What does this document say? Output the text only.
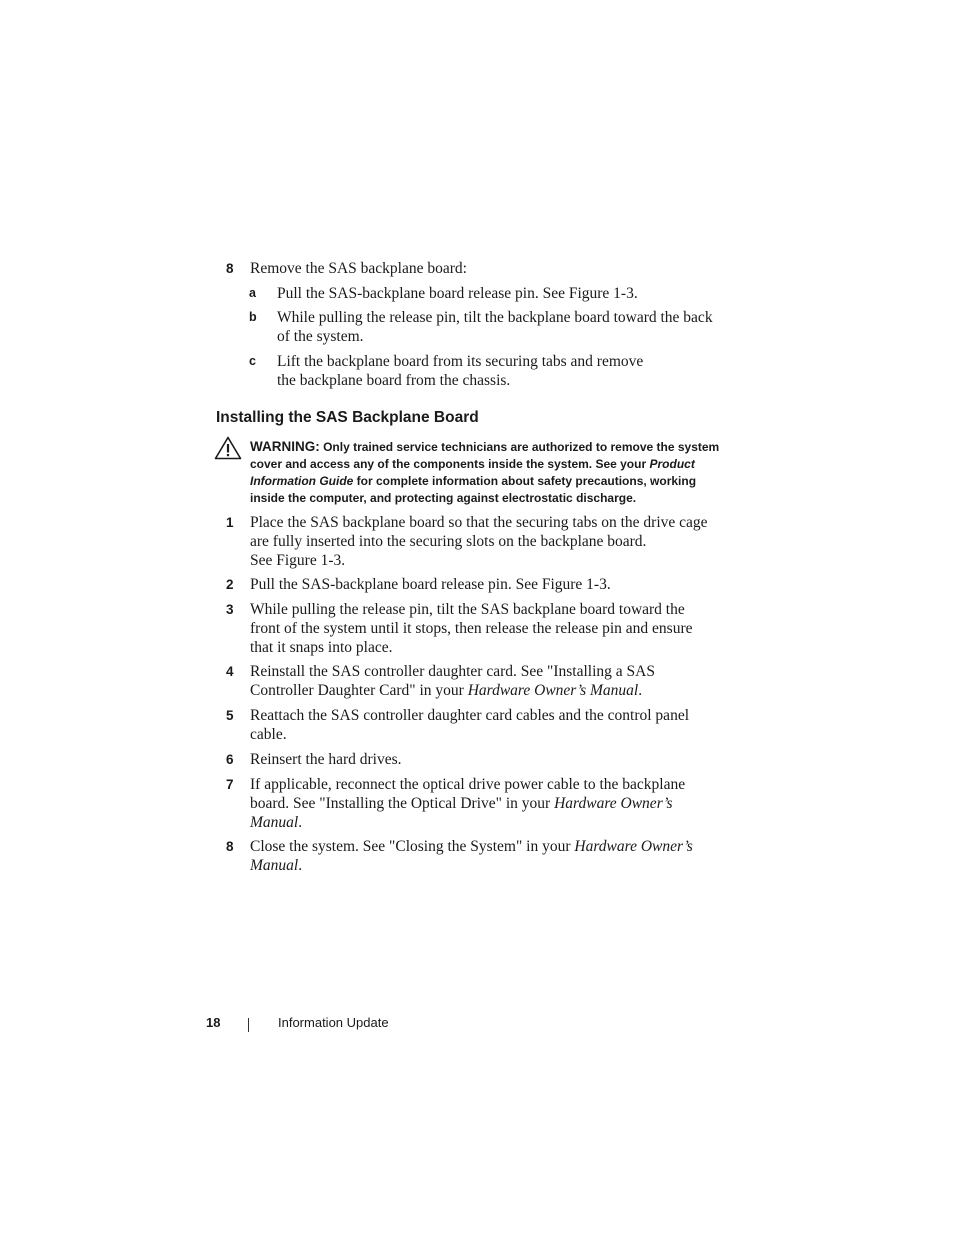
8	Remove the SAS backplane board:
a	Pull the SAS-backplane board release pin. See Figure 1-3.
b	While pulling the release pin, tilt the backplane board toward the back
of the system.
c	Lift the backplane board from its securing tabs and remove
the backplane board from the chassis.
Installing the SAS Backplane Board
WARNING: Only trained service technicians are authorized to remove the system cover and access any of the components inside the system. See your Product Information Guide for complete information about safety precautions, working inside the computer, and protecting against electrostatic discharge.
1	Place the SAS backplane board so that the securing tabs on the drive cage
are fully inserted into the securing slots on the backplane board.
See Figure 1-3.
2	Pull the SAS-backplane board release pin. See Figure 1-3.
3	While pulling the release pin, tilt the SAS backplane board toward the
front of the system until it stops, then release the release pin and ensure
that it snaps into place.
4	Reinstall the SAS controller daughter card. See "Installing a SAS
Controller Daughter Card" in your Hardware Owner’s Manual.
5	Reattach the SAS controller daughter card cables and the control panel
cable.
6	Reinsert the hard drives.
7	If applicable, reconnect the optical drive power cable to the backplane
board. See "Installing the Optical Drive" in your Hardware Owner’s
Manual.
8	Close the system. See "Closing the System" in your Hardware Owner’s
Manual.
18	Information Update
